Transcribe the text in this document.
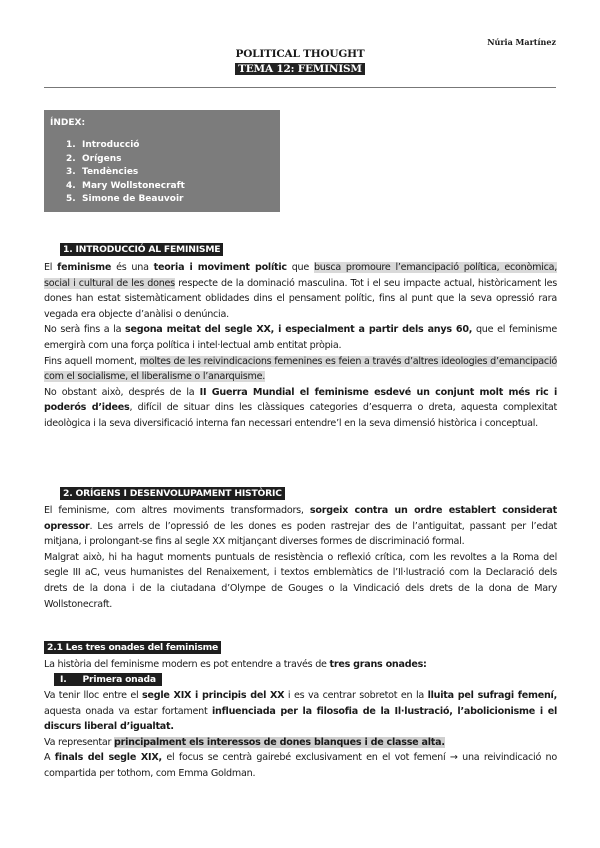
Núria Martínez
POLITICAL THOUGHT
TEMA 12: FEMINISM
ÍNDEX:
1. Introducció
2. Orígens
3. Tendències
4. Mary Wollstonecraft
5. Simone de Beauvoir
1. INTRODUCCIÓ AL FEMINISME
El feminisme és una teoria i moviment polític que busca promoure l’emancipació política, econòmica, social i cultural de les dones respecte de la dominació masculina. Tot i el seu impacte actual, històricament les dones han estat sistemàticament oblidades dins el pensament polític, fins al punt que la seva opressió rara vegada era objecte d’anàlisi o denúncia.
No serà fins a la segona meitat del segle XX, i especialment a partir dels anys 60, que el feminisme emergirà com una força política i intel·lectual amb entitat pròpia.
Fins aquell moment, moltes de les reivindicacions femenines es feien a través d’altres ideologies d’emancipació com el socialisme, el liberalisme o l’anarquisme.
No obstant això, després de la II Guerra Mundial el feminisme esdevé un conjunt molt més ric i poderós d’idees, difícil de situar dins les clàssiques categories d’esquerra o dreta, aquesta complexitat ideològica i la seva diversificació interna fan necessari entendre’l en la seva dimensió històrica i conceptual.
2. ORÍGENS I DESENVOLUPAMENT HISTÒRIC
El feminisme, com altres moviments transformadors, sorgeix contra un ordre establert considerat opressor. Les arrels de l’opressió de les dones es poden rastrejar des de l’antiguitat, passant per l’edat mitjana, i prolongant-se fins al segle XX mitjançant diverses formes de discriminació formal.
Malgrat això, hi ha hagut moments puntuals de resistència o reflexió crítica, com les revoltes a la Roma del segle III aC, veus humanistes del Renaixement, i textos emblemàtics de l’Il·lustració com la Declaració dels drets de la dona i de la ciutadana d’Olympe de Gouges o la Vindicació dels drets de la dona de Mary Wollstonecraft.
2.1 Les tres onades del feminisme
La història del feminisme modern es pot entendre a través de tres grans onades:
I. Primera onada
Va tenir lloc entre el segle XIX i principis del XX i es va centrar sobretot en la lluita pel sufragi femení, aquesta onada va estar fortament influenciada per la filosofia de la Il·lustració, l’abolicionisme i el discurs liberal d’igualtat.
Va representar principalment els interessos de dones blanques i de classe alta.
A finals del segle XIX, el focus se centrà gairebé exclusivament en el vot femení → una reivindicació no compartida per tothom, com Emma Goldman.
